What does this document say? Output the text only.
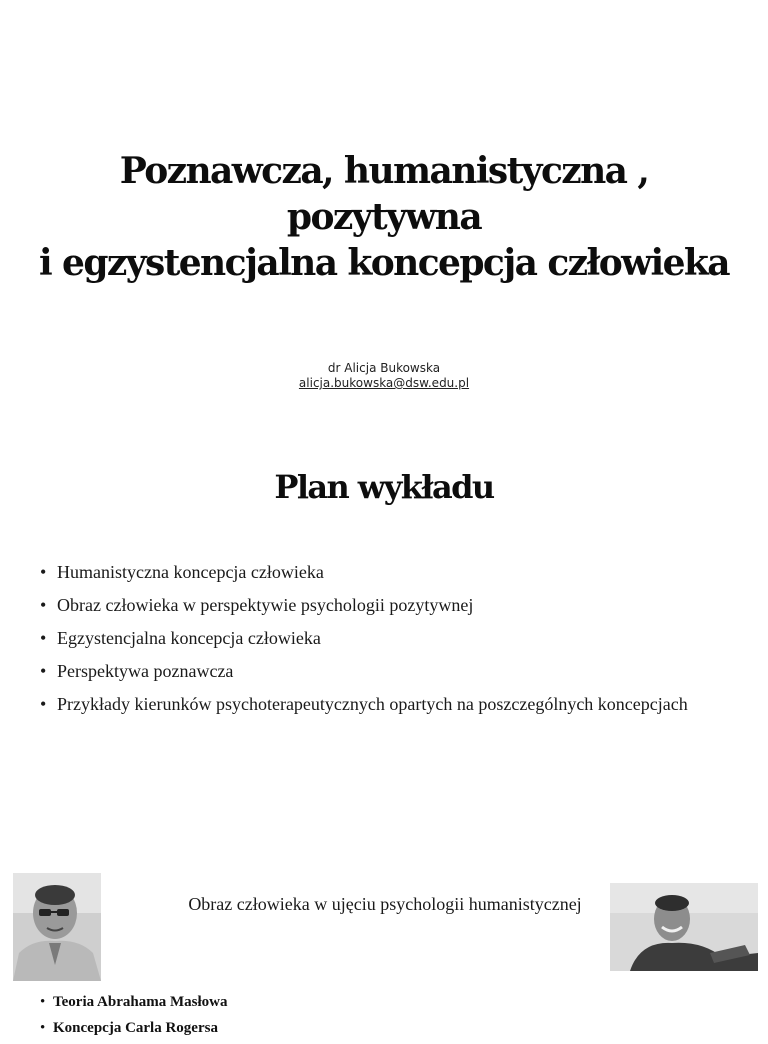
Poznawcza, humanistyczna , pozytywna
i egzystencjalna koncepcja człowieka
dr Alicja Bukowska
alicja.bukowska@dsw.edu.pl
Plan wykładu
• Humanistyczna koncepcja człowieka
• Obraz człowieka w perspektywie psychologii pozytywnej
• Egzystencjalna koncepcja człowieka
• Perspektywa poznawcza
• Przykłady kierunków psychoterapeutycznych opartych na poszczególnych koncepcjach
Obraz człowieka w ujęciu psychologii humanistycznej
• Teoria Abrahama Masłowa
• Koncepcja Carla Rogersa
